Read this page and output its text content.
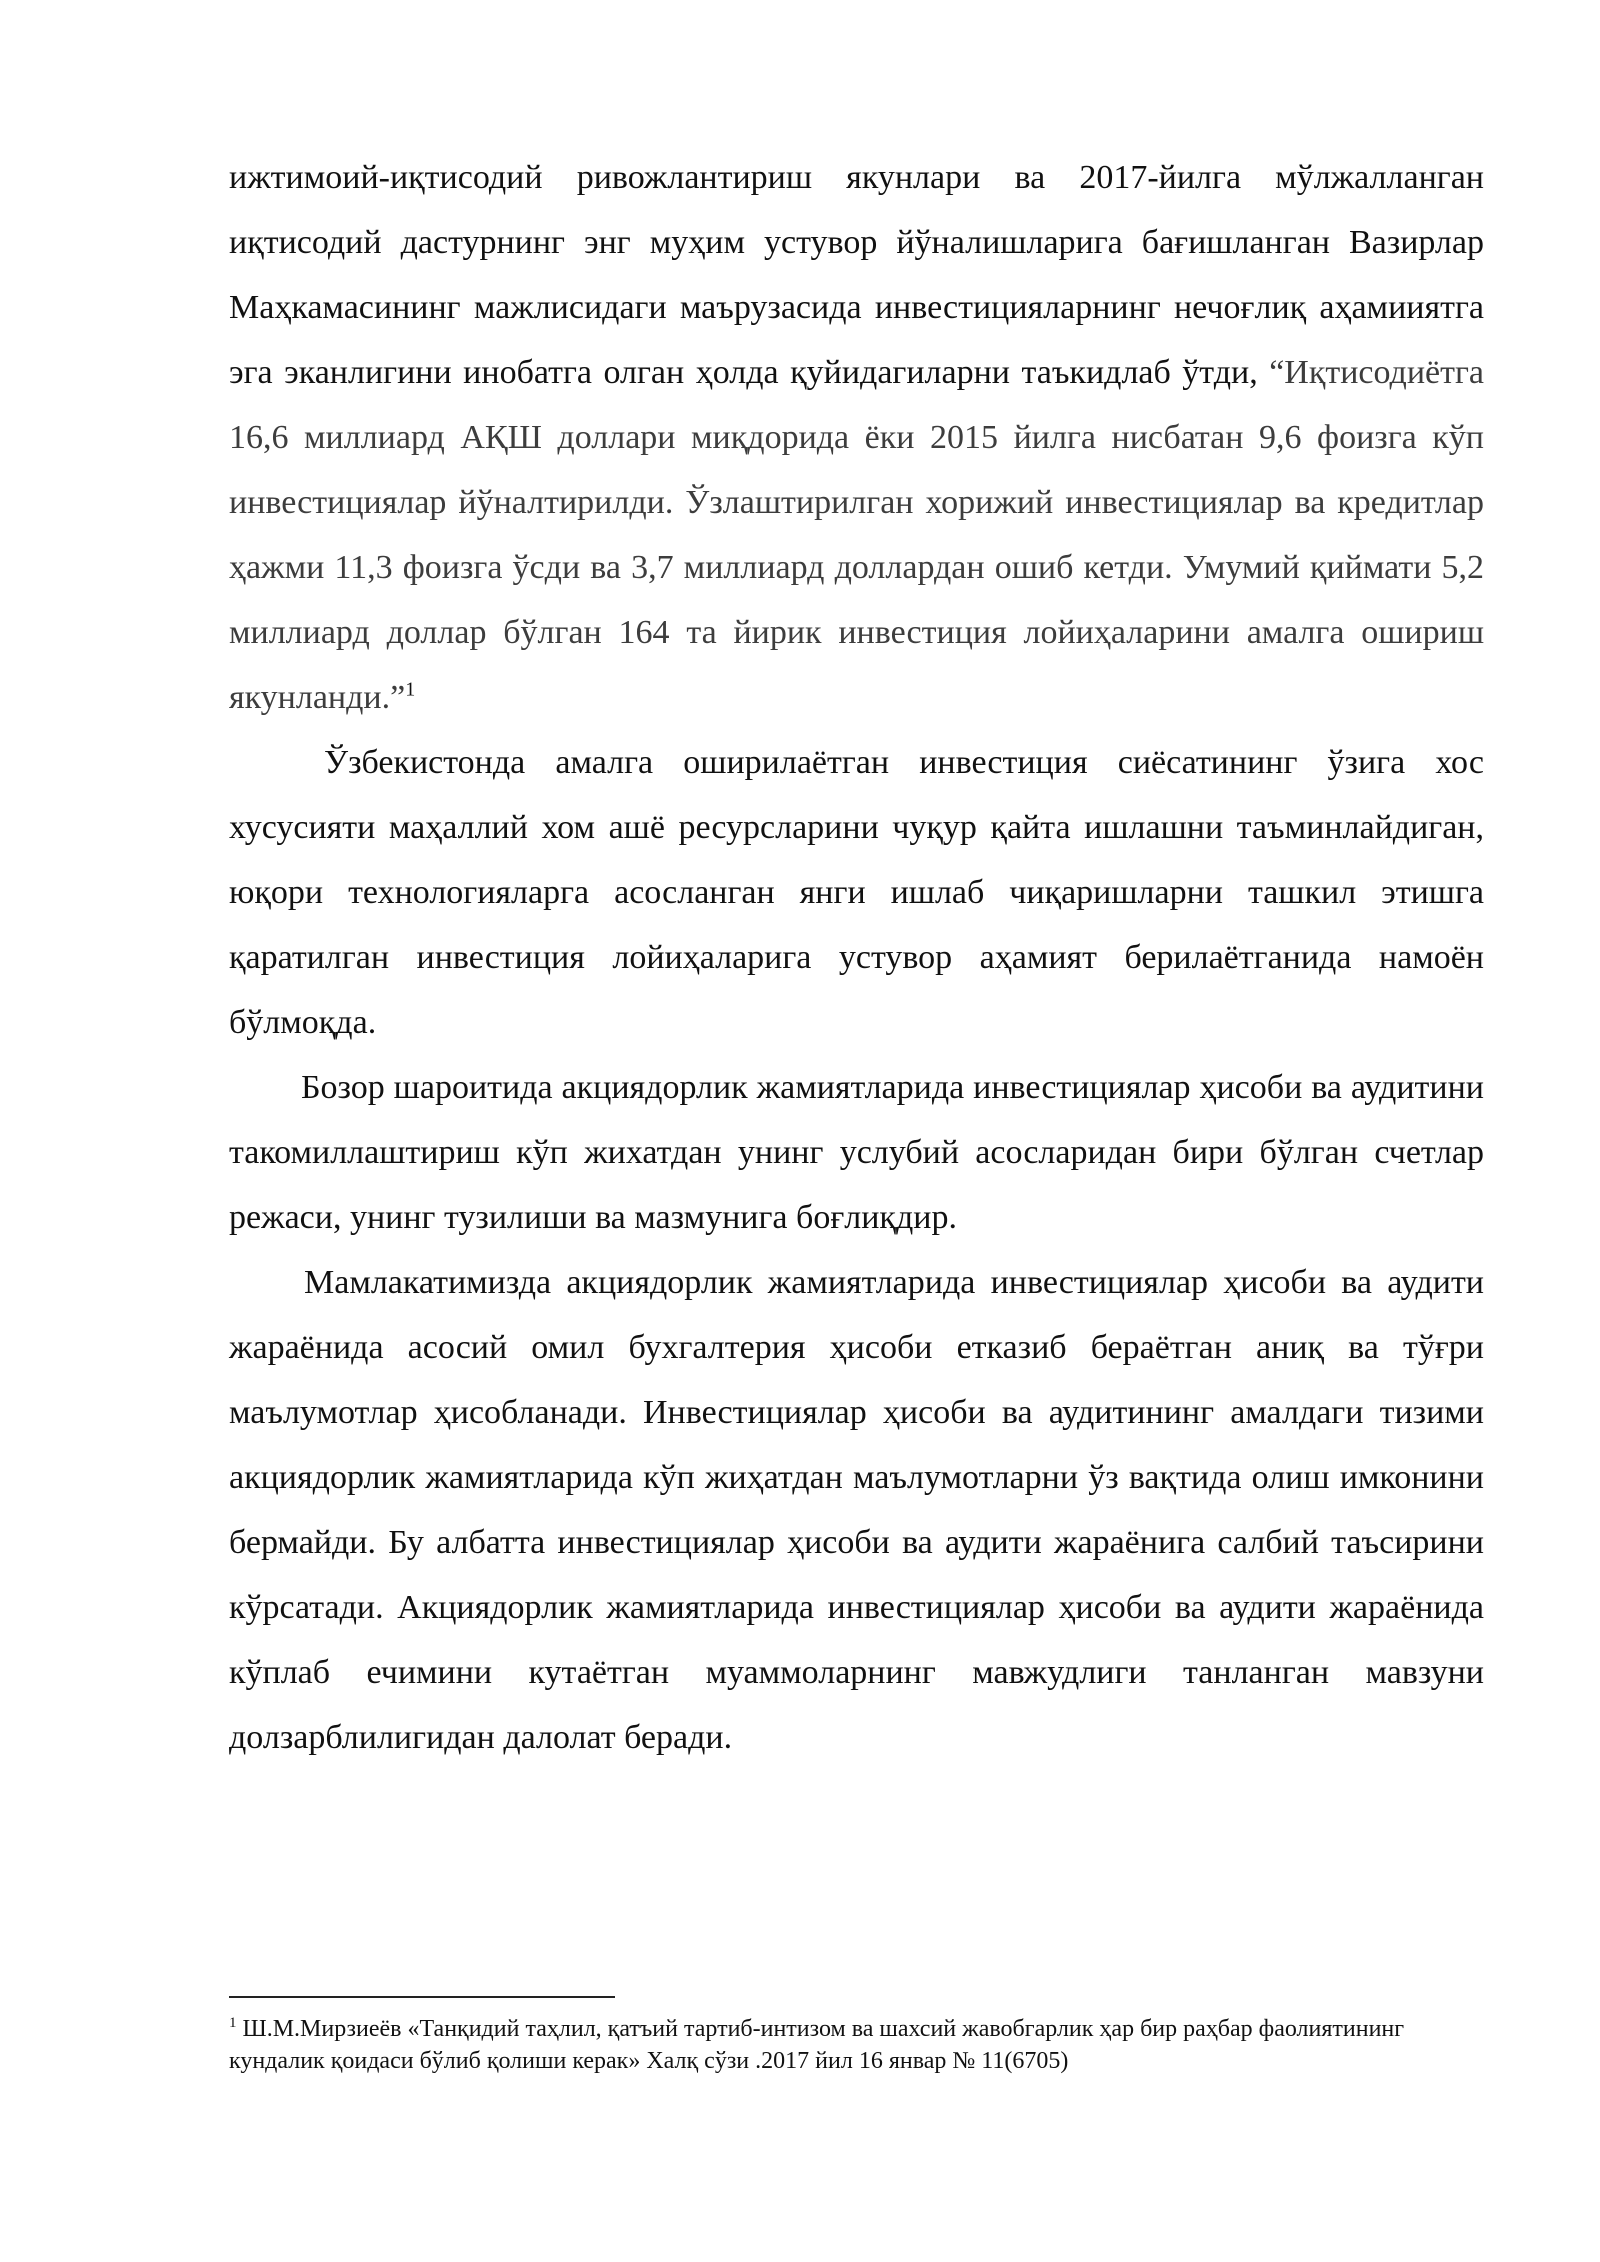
ижтимоий-иқтисодий ривожлантириш якунлари ва 2017-йилга мўлжалланган иқтисодий дастурнинг энг муҳим устувор йўналишларига бағишланган Вазирлар Маҳкамасининг мажлисидаги маърузасида инвестицияларнинг нечоғлиқ аҳамииятга эга эканлигини инобатга олган ҳолда қуйидагиларни таъкидлаб ўтди, “Иқтисодиётга 16,6 миллиард АҚШ доллари миқдорида ёки 2015 йилга нисбатан 9,6 фоизга кўп инвестициялар йўналтирилди. Ўзлаштирилган хорижий инвестициялар ва кредитлар ҳажми 11,3 фоизга ўсди ва 3,7 миллиард доллардан ошиб кетди. Умумий қиймати 5,2 миллиард доллар бўлган 164 та йирик инвестиция лойиҳаларини амалга ошириш якунланди.”$^1$

Ўзбекистонда амалга оширилаётган инвестиция сиёсатининг ўзига хос хусусияти маҳаллий хом ашё ресурсларини чуқур қайта ишлашни таъминлайдиган, юқори технологияларга асосланган янги ишлаб чиқаришларни ташкил этишга қаратилган инвестиция лойиҳаларига устувор аҳамият берилаётганида намоён бўлмоқда.

Бозор шароитида акциядорлик жамиятларида инвестициялар ҳисоби ва аудитини такомиллаштириш кўп жихатдан унинг услубий асосларидан бири бўлган счетлар режаси, унинг тузилиши ва мазмунига боғлиқдир.

Мамлакатимизда акциядорлик жамиятларида инвестициялар ҳисоби ва аудити жараёнида асосий омил бухгалтерия ҳисоби етказиб бераётган аниқ ва тўғри маълумотлар ҳисобланади. Инвестициялар ҳисоби ва аудитининг амалдаги тизими акциядорлик жамиятларида кўп жиҳатдан маълумотларни ўз вақтида олиш имконини бермайди. Бу албатта инвестициялар ҳисоби ва аудити жараёнига салбий таъсирини кўрсатади. Акциядорлик жамиятларида инвестициялар ҳисоби ва аудити жараёнида кўплаб ечимини кутаётган муаммоларнинг мавжудлиги танланган мавзуни долзарблилигидан далолат беради.

$^1$ Ш.М.Мирзиеёв «Танқидий таҳлил, қатъий тартиб-интизом ва шахсий жавобгарлик ҳар бир раҳбар фаолиятининг кундалик қоидаси бўлиб қолиши керак» Халқ сўзи .2017 йил 16 январ № 11(6705)
